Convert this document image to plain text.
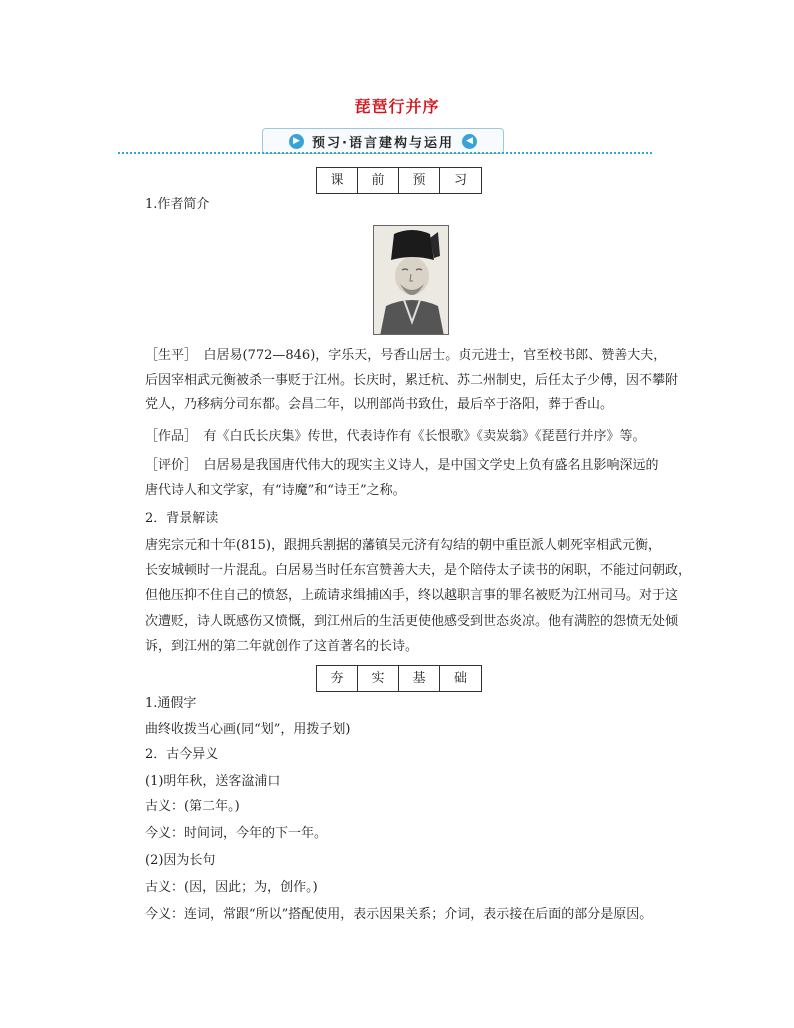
琵琶行并序
▶ 预习·语言建构与运用	◀
课	前	预	习
1.作者简介
［生平］　白居易(772—846)，字乐天，号香山居士。贞元进士，官至校书郎、赞善大夫，
后因宰相武元衡被杀一事贬于江州。长庆时，累迁杭、苏二州制史，后任太子少傅，因不攀附
党人，乃移病分司东都。会昌二年，以刑部尚书致仕，最后卒于洛阳，葬于香山。
［作品］　有《白氏长庆集》传世，代表诗作有《长恨歌》《卖炭翁》《琵琶行并序》等。
［评价］　白居易是我国唐代伟大的现实主义诗人，是中国文学史上负有盛名且影响深远的
唐代诗人和文学家，有“诗魔”和“诗王”之称。
2．背景解读
唐宪宗元和十年(815)，跟拥兵割据的藩镇吴元济有勾结的朝中重臣派人刺死宰相武元衡，
长安城顿时一片混乱。白居易当时任东宫赞善大夫，是个陪侍太子读书的闲职，不能过问朝政，
但他压抑不住自己的愤怒，上疏请求缉捕凶手，终以越职言事的罪名被贬为江州司马。对于这
次遭贬，诗人既感伤又愤慨，到江州后的生活更使他感受到世态炎凉。他有满腔的怨愤无处倾
诉，到江州的第二年就创作了这首著名的长诗。
夯	实	基	础
1.通假字
曲终收拨当心画(同“划”，用拨子划)
2．古今异义
(1)明年秋，送客湓浦口
古义：(第二年。)
今义：时间词，今年的下一年。
(2)因为长句
古义：(因，因此；为，创作。)
今义：连词，常跟“所以”搭配使用，表示因果关系；介词，表示接在后面的部分是原因。
